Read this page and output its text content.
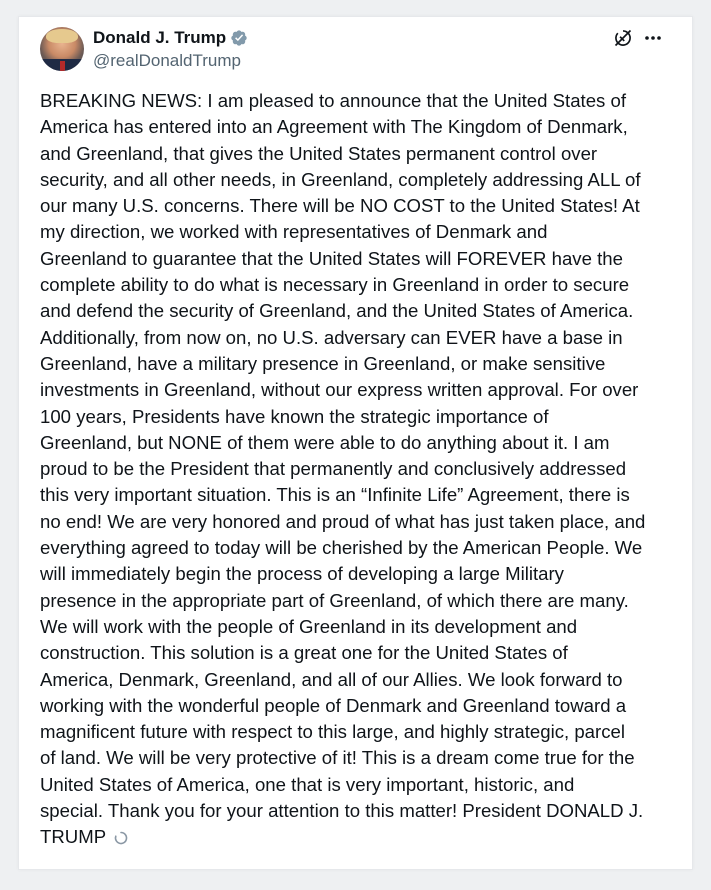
Donald J. Trump
@realDonaldTrump

BREAKING NEWS: I am pleased to announce that the United States of
America has entered into an Agreement with The Kingdom of Denmark,
and Greenland, that gives the United States permanent control over
security, and all other needs, in Greenland, completely addressing ALL of
our many U.S. concerns. There will be NO COST to the United States! At
my direction, we worked with representatives of Denmark and
Greenland to guarantee that the United States will FOREVER have the
complete ability to do what is necessary in Greenland in order to secure
and defend the security of Greenland, and the United States of America.
Additionally, from now on, no U.S. adversary can EVER have a base in
Greenland, have a military presence in Greenland, or make sensitive
investments in Greenland, without our express written approval. For over
100 years, Presidents have known the strategic importance of
Greenland, but NONE of them were able to do anything about it. I am
proud to be the President that permanently and conclusively addressed
this very important situation. This is an “Infinite Life” Agreement, there is
no end! We are very honored and proud of what has just taken place, and
everything agreed to today will be cherished by the American People. We
will immediately begin the process of developing a large Military
presence in the appropriate part of Greenland, of which there are many.
We will work with the people of Greenland in its development and
construction. This solution is a great one for the United States of
America, Denmark, Greenland, and all of our Allies. We look forward to
working with the wonderful people of Denmark and Greenland toward a
magnificent future with respect to this large, and highly strategic, parcel
of land. We will be very protective of it! This is a dream come true for the
United States of America, one that is very important, historic, and
special. Thank you for your attention to this matter! President DONALD J.
TRUMP
